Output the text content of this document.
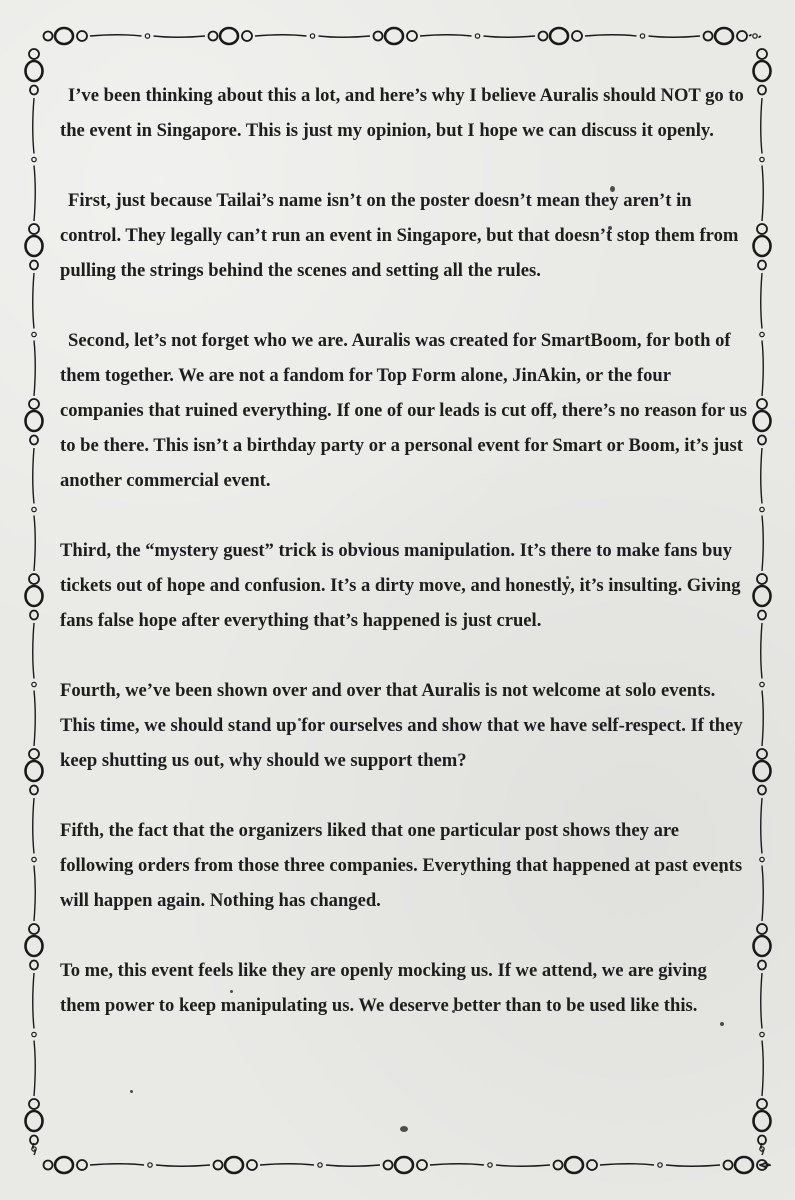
I’ve been thinking about this a lot, and here’s why I believe Auralis should NOT go to the event in Singapore. This is just my opinion, but I hope we can discuss it openly.

First, just because Tailai’s name isn’t on the poster doesn’t mean they aren’t in control. They legally can’t run an event in Singapore, but that doesn’t stop them from pulling the strings behind the scenes and setting all the rules.

Second, let’s not forget who we are. Auralis was created for SmartBoom, for both of them together. We are not a fandom for Top Form alone, JinAkin, or the four companies that ruined everything. If one of our leads is cut off, there’s no reason for us to be there. This isn’t a birthday party or a personal event for Smart or Boom, it’s just another commercial event.

Third, the “mystery guest” trick is obvious manipulation. It’s there to make fans buy tickets out of hope and confusion. It’s a dirty move, and honestly, it’s insulting. Giving fans false hope after everything that’s happened is just cruel.

Fourth, we’ve been shown over and over that Auralis is not welcome at solo events. This time, we should stand up for ourselves and show that we have self-respect. If they keep shutting us out, why should we support them?

Fifth, the fact that the organizers liked that one particular post shows they are following orders from those three companies. Everything that happened at past events will happen again. Nothing has changed.

To me, this event feels like they are openly mocking us. If we attend, we are giving them power to keep manipulating us. We deserve better than to be used like this.
